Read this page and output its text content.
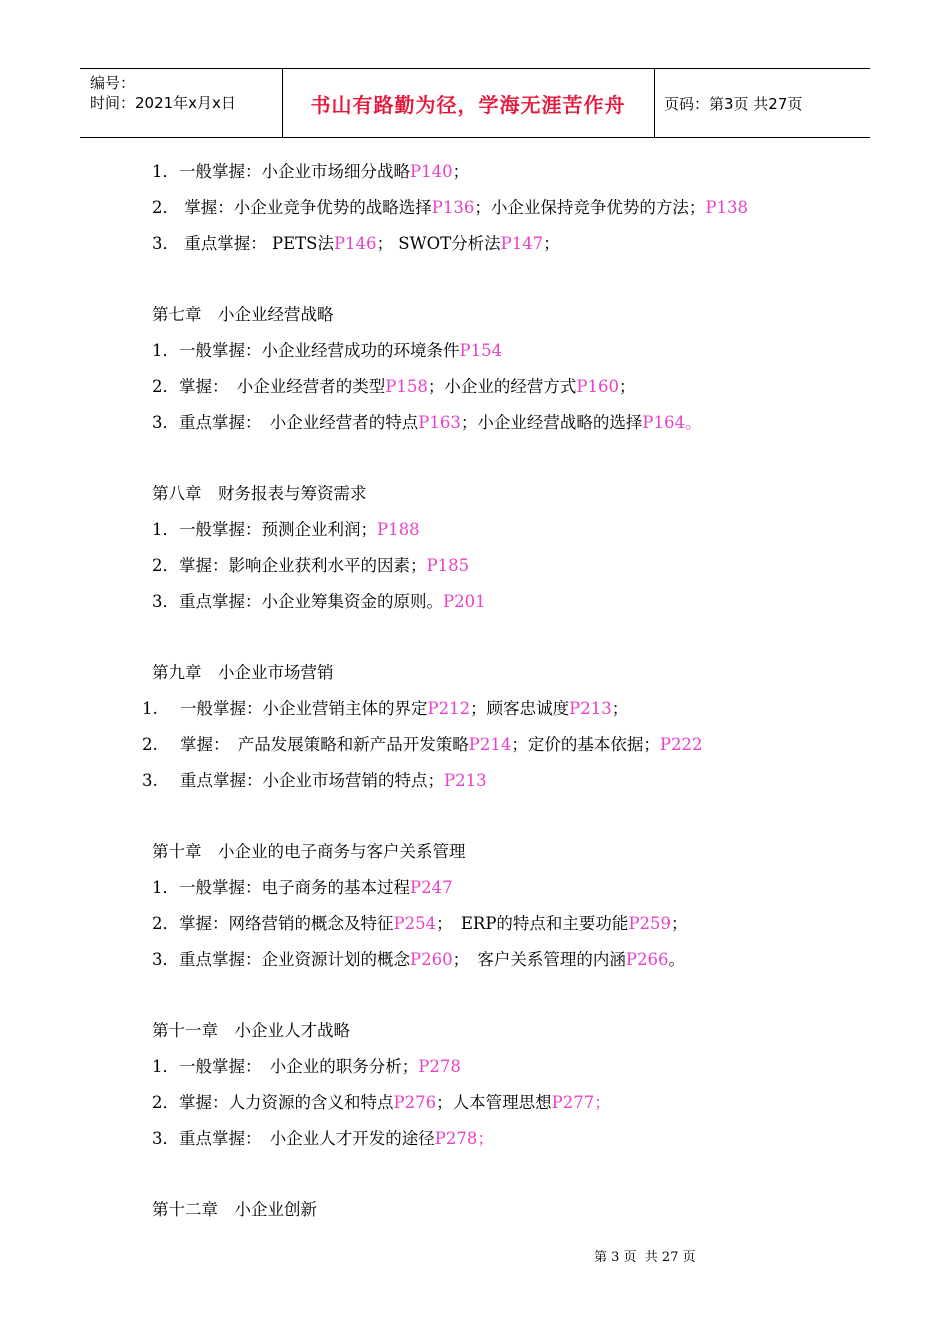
编号：
时间：2021年x月x日	书山有路勤为径，学海无涯苦作舟	页码：第3页 共27页
1．一般掌握：小企业市场细分战略P140；
2． 掌握：小企业竞争优势的战略选择P136；小企业保持竞争优势的方法；P138
3． 重点掌握： PETS法P146； SWOT分析法P147；
第七章　小企业经营战略
1．一般掌握：小企业经营成功的环境条件P154
2．掌握：　小企业经营者的类型P158；小企业的经营方式P160；
3．重点掌握：　小企业经营者的特点P163；小企业经营战略的选择P164。
第八章　财务报表与筹资需求
1．一般掌握：预测企业利润；P188
2．掌握：影响企业获利水平的因素；P185
3．重点掌握：小企业筹集资金的原则。P201
第九章　小企业市场营销
1. 一般掌握：小企业营销主体的界定P212；顾客忠诚度P213；
2. 掌握：　产品发展策略和新产品开发策略P214；定价的基本依据；P222
3. 重点掌握：小企业市场营销的特点；P213
第十章　小企业的电子商务与客户关系管理
1．一般掌握：电子商务的基本过程P247
2．掌握：网络营销的概念及特征P254；　ERP的特点和主要功能P259；
3．重点掌握：企业资源计划的概念P260；　客户关系管理的内涵P266。
第十一章　小企业人才战略
1．一般掌握：　小企业的职务分析；P278
2．掌握：人力资源的含义和特点P276；人本管理思想P277；
3．重点掌握：　小企业人才开发的途径P278；
第十二章　小企业创新
第 3 页  共 27 页
